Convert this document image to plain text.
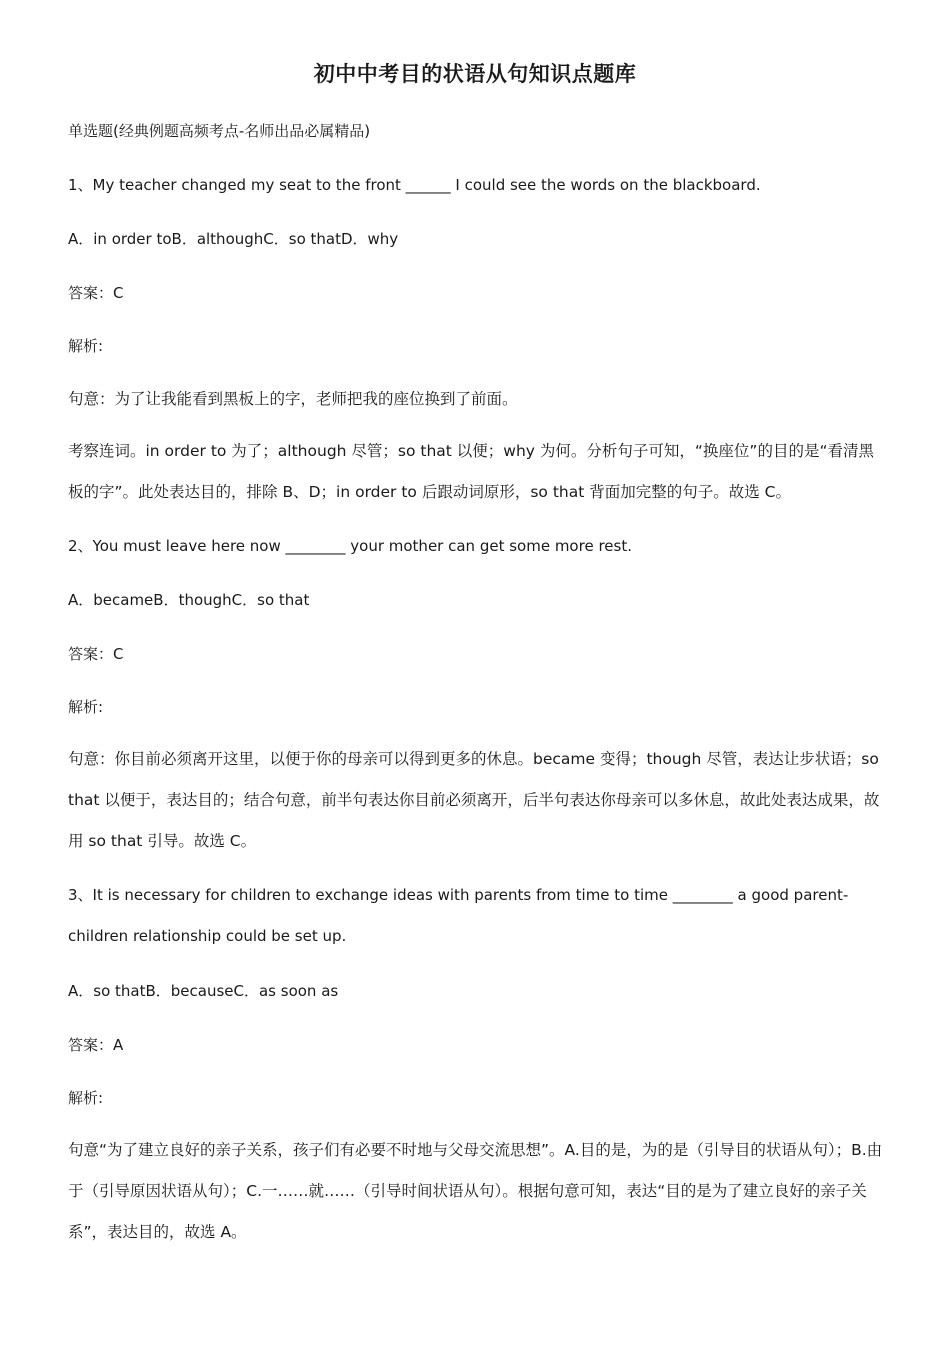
初中中考目的状语从句知识点题库
单选题(经典例题高频考点-名师出品必属精品)
1、My teacher changed my seat to the front ______ I could see the words on the blackboard.
A．in order toB．althoughC．so thatD．why
答案：C
解析:
句意：为了让我能看到黑板上的字，老师把我的座位换到了前面。
考察连词。in order to 为了；although 尽管；so that 以便；why 为何。分析句子可知，“换座位”的目的是“看清黑板的字”。此处表达目的，排除 B、D；in order to 后跟动词原形，so that 背面加完整的句子。故选 C。
2、You must leave here now ________ your mother can get some more rest.
A．becameB．thoughC．so that
答案：C
解析:
句意：你目前必须离开这里，以便于你的母亲可以得到更多的休息。became 变得；though 尽管，表达让步状语；so that 以便于，表达目的；结合句意，前半句表达你目前必须离开，后半句表达你母亲可以多休息，故此处表达成果，故用 so that 引导。故选 C。
3、It is necessary for children to exchange ideas with parents from time to time ________ a good parent-children relationship could be set up.
A．so thatB．becauseC．as soon as
答案：A
解析:
句意“为了建立良好的亲子关系，孩子们有必要不时地与父母交流思想”。A.目的是，为的是（引导目的状语从句）；B.由于（引导原因状语从句）；C.一……就……（引导时间状语从句）。根据句意可知，表达“目的是为了建立良好的亲子关系”，表达目的，故选 A。
